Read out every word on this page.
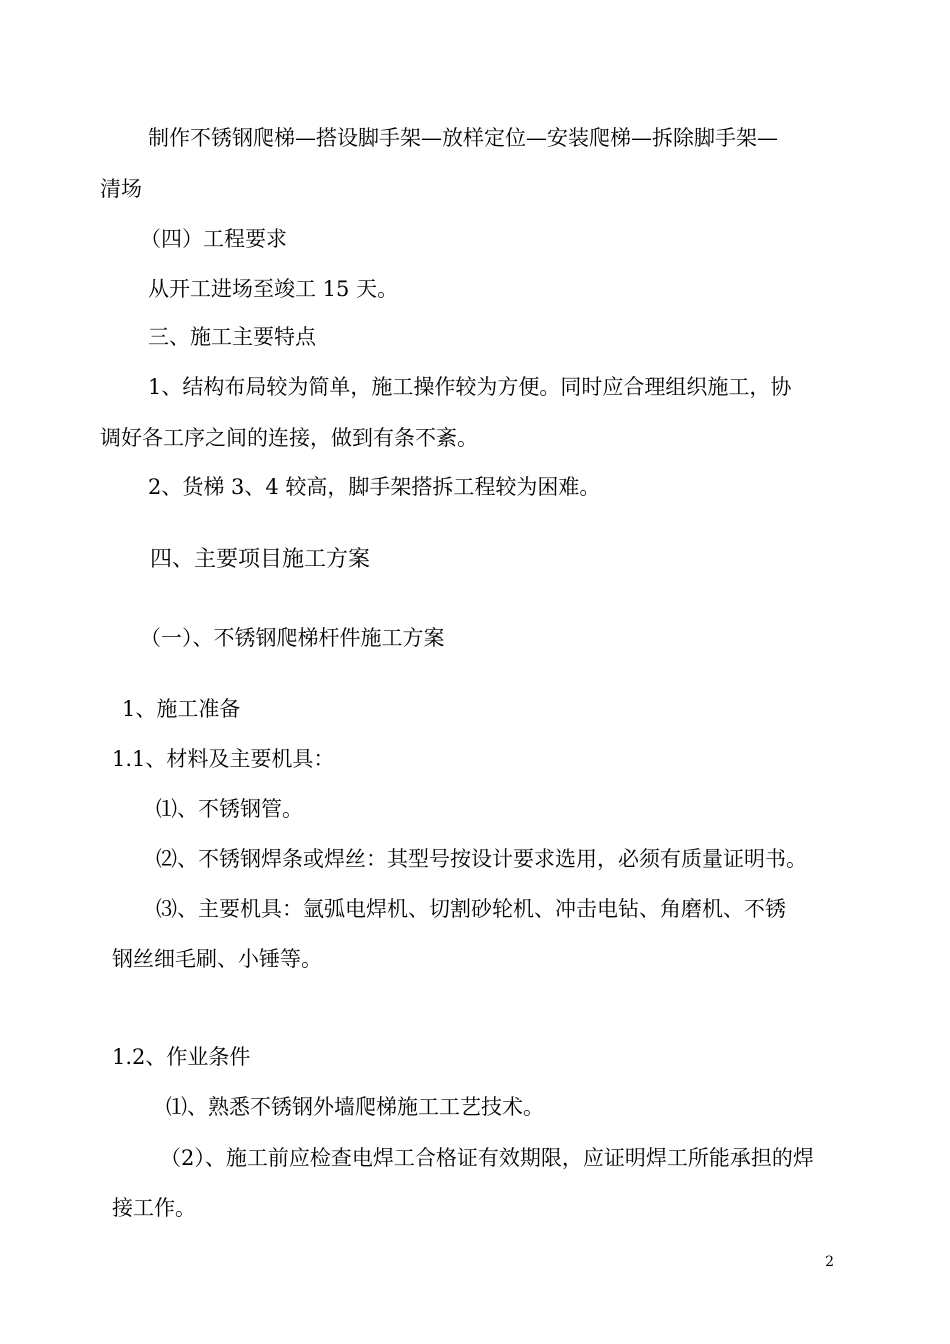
制作不锈钢爬梯—搭设脚手架—放样定位—安装爬梯—拆除脚手架—
清场
（四）工程要求
从开工进场至竣工 15 天。
三、施工主要特点
1、结构布局较为简单，施工操作较为方便。同时应合理组织施工，协
调好各工序之间的连接，做到有条不紊。
2、货梯 3、4 较高，脚手架搭拆工程较为困难。
四、主要项目施工方案
（一）、不锈钢爬梯杆件施工方案
1、施工准备
1.1、材料及主要机具：
⑴、不锈钢管。
⑵、不锈钢焊条或焊丝：其型号按设计要求选用，必须有质量证明书。
⑶、主要机具：氩弧电焊机、切割砂轮机、冲击电钻、角磨机、不锈
钢丝细毛刷、小锤等。
1.2、作业条件
⑴、熟悉不锈钢外墙爬梯施工工艺技术。
（2）、施工前应检查电焊工合格证有效期限，应证明焊工所能承担的焊
接工作。
2
